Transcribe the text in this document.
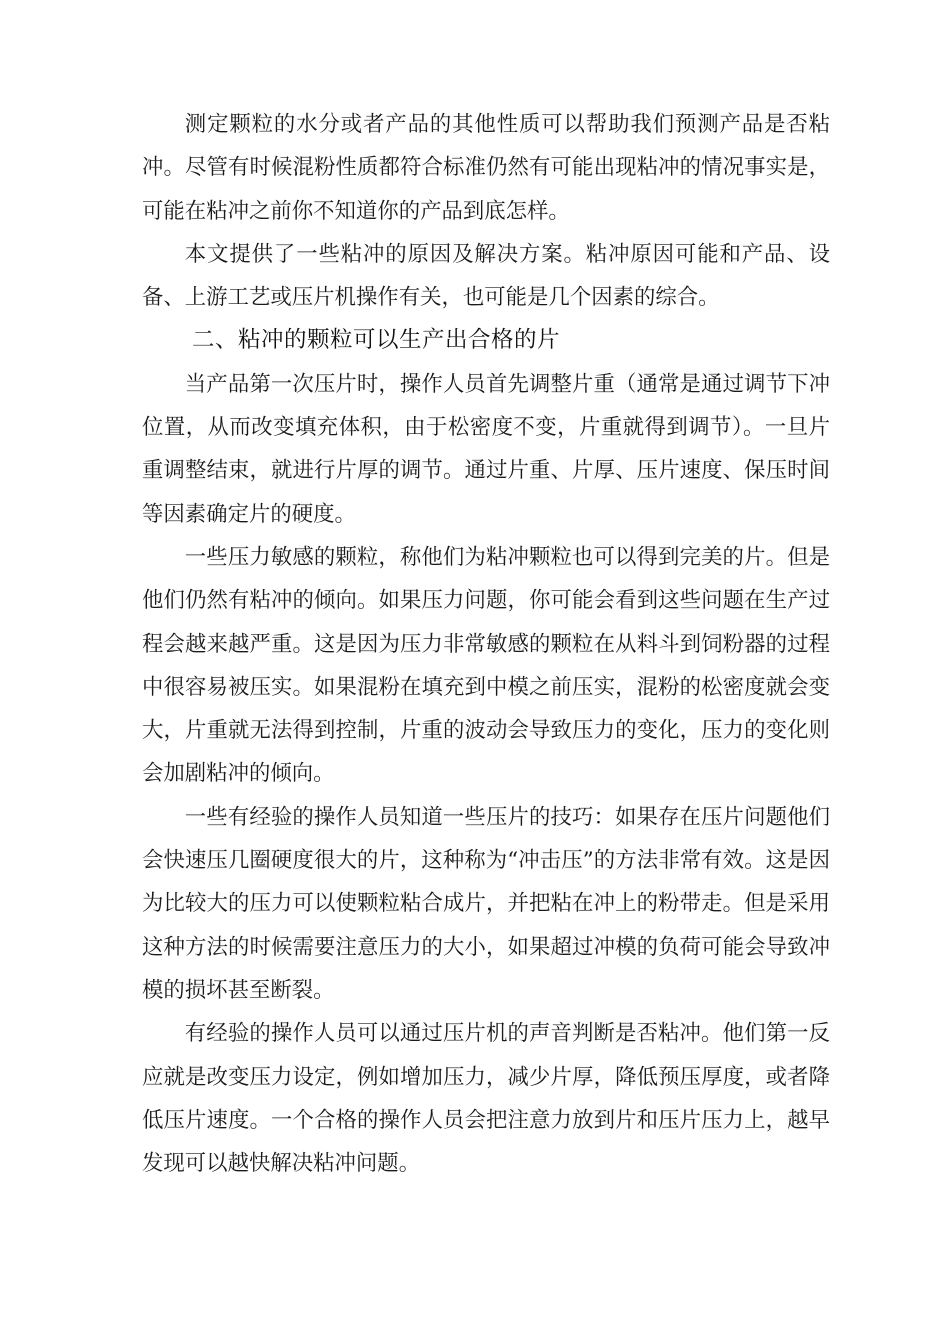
测定颗粒的水分或者产品的其他性质可以帮助我们预测产品是否粘冲。尽管有时候混粉性质都符合标准仍然有可能出现粘冲的情况事实是，可能在粘冲之前你不知道你的产品到底怎样。

本文提供了一些粘冲的原因及解决方案。粘冲原因可能和产品、设备、上游工艺或压片机操作有关，也可能是几个因素的综合。

二、粘冲的颗粒可以生产出合格的片

当产品第一次压片时，操作人员首先调整片重（通常是通过调节下冲位置，从而改变填充体积，由于松密度不变，片重就得到调节）。一旦片重调整结束，就进行片厚的调节。通过片重、片厚、压片速度、保压时间等因素确定片的硬度。

一些压力敏感的颗粒，称他们为粘冲颗粒也可以得到完美的片。但是他们仍然有粘冲的倾向。如果压力问题，你可能会看到这些问题在生产过程会越来越严重。这是因为压力非常敏感的颗粒在从料斗到饲粉器的过程中很容易被压实。如果混粉在填充到中模之前压实，混粉的松密度就会变大，片重就无法得到控制，片重的波动会导致压力的变化，压力的变化则会加剧粘冲的倾向。

一些有经验的操作人员知道一些压片的技巧：如果存在压片问题他们会快速压几圈硬度很大的片，这种称为“冲击压”的方法非常有效。这是因为比较大的压力可以使颗粒粘合成片，并把粘在冲上的粉带走。但是采用这种方法的时候需要注意压力的大小，如果超过冲模的负荷可能会导致冲模的损坏甚至断裂。

有经验的操作人员可以通过压片机的声音判断是否粘冲。他们第一反应就是改变压力设定，例如增加压力，减少片厚，降低预压厚度，或者降低压片速度。一个合格的操作人员会把注意力放到片和压片压力上，越早发现可以越快解决粘冲问题。
